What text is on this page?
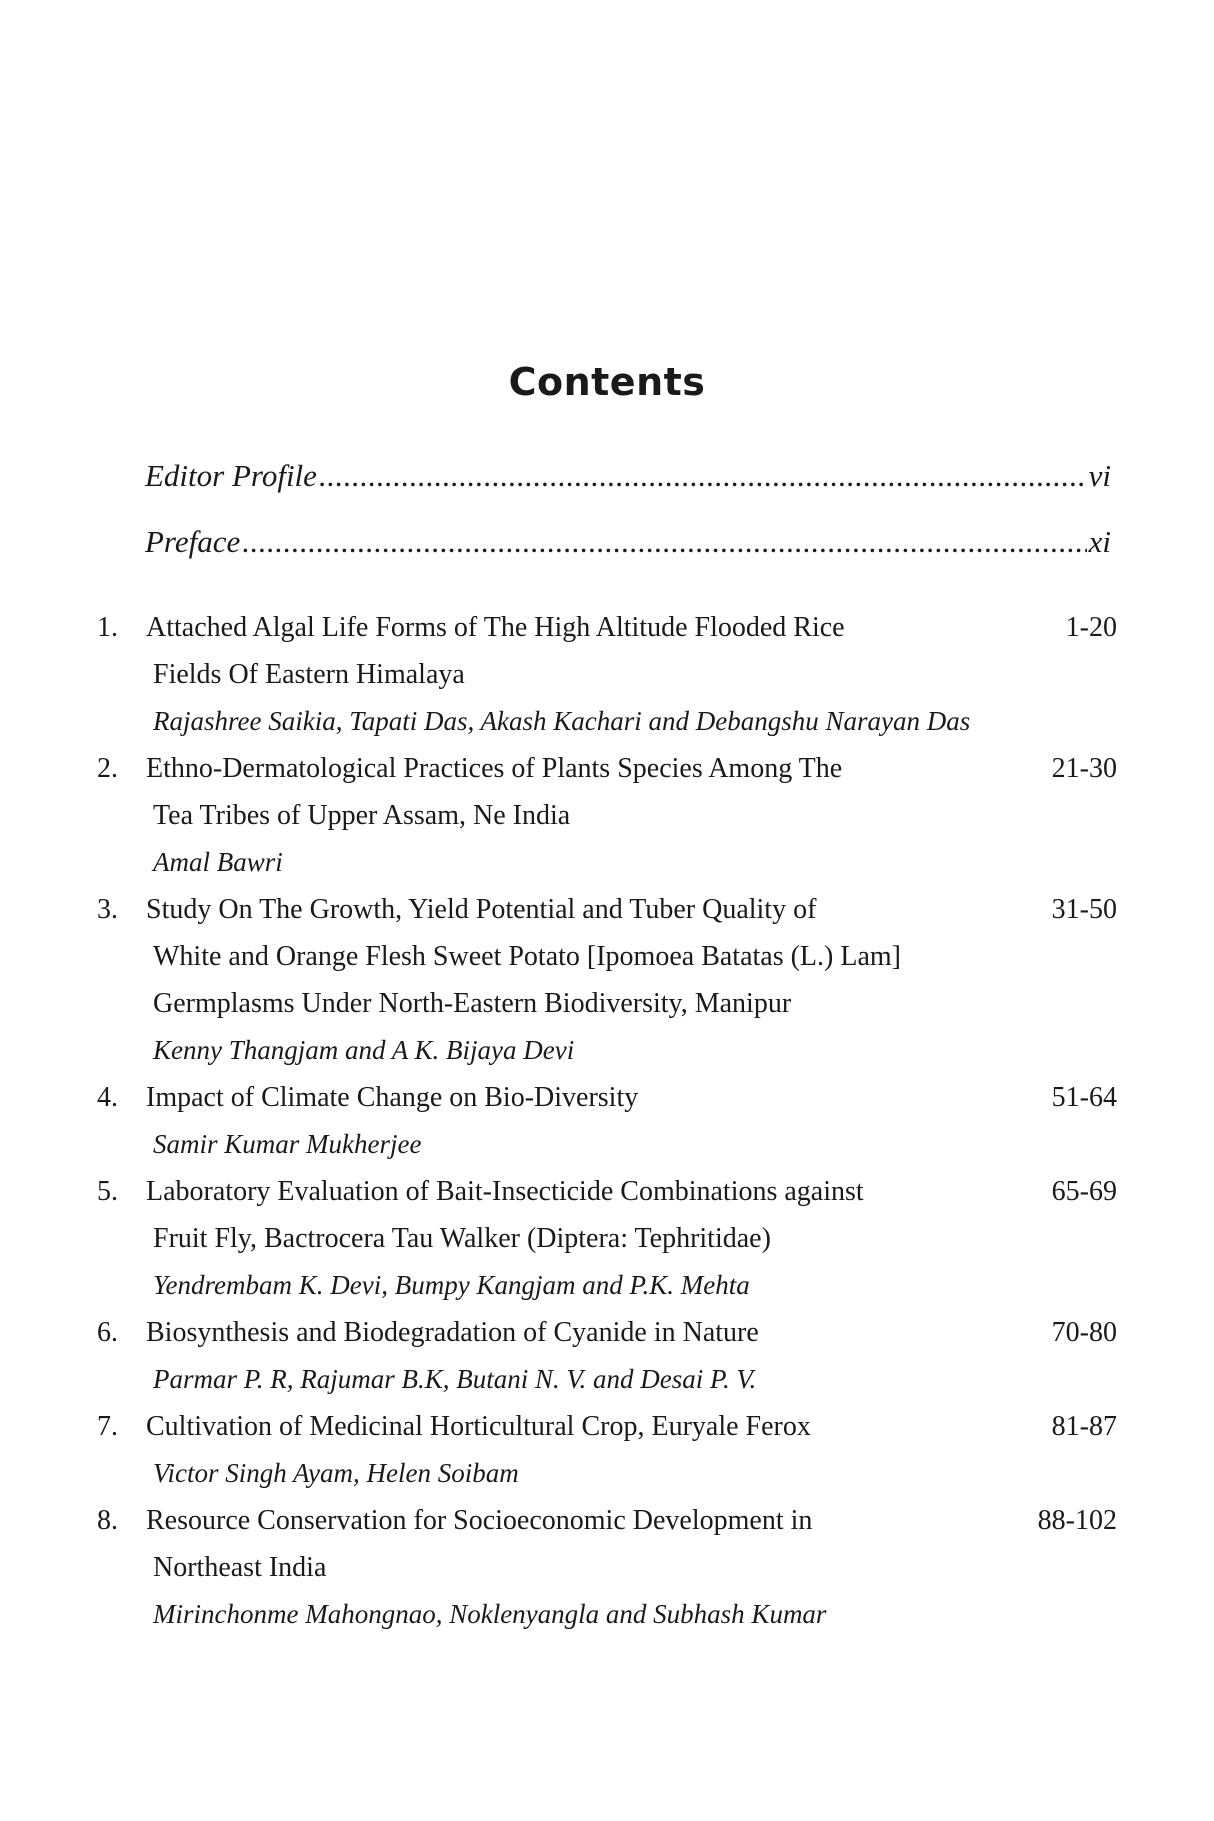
Contents
Editor Profile .....	vi
Preface .....	xi
1. Attached Algal Life Forms of The High Altitude Flooded Rice
Fields Of Eastern Himalaya
Rajashree Saikia, Tapati Das, Akash Kachari and Debangshu Narayan Das
1-20
2. Ethno-Dermatological Practices of Plants Species Among The
Tea Tribes of Upper Assam, Ne India
Amal Bawri
21-30
3. Study On The Growth, Yield Potential and Tuber Quality of
White and Orange Flesh Sweet Potato [Ipomoea Batatas (L.) Lam]
Germplasms Under North-Eastern Biodiversity, Manipur
Kenny Thangjam and A K. Bijaya Devi
31-50
4. Impact of Climate Change on Bio-Diversity
Samir Kumar Mukherjee
51-64
5. Laboratory Evaluation of Bait-Insecticide Combinations against
Fruit Fly, Bactrocera Tau Walker (Diptera: Tephritidae)
Yendrembam K. Devi, Bumpy Kangjam and P.K. Mehta
65-69
6. Biosynthesis and Biodegradation of Cyanide in Nature
Parmar P. R, Rajumar B.K, Butani N. V. and Desai P. V.
70-80
7. Cultivation of Medicinal Horticultural Crop, Euryale Ferox
Victor Singh Ayam, Helen Soibam
81-87
8. Resource Conservation for Socioeconomic Development in
Northeast India
Mirinchonme Mahongnao, Noklenyangla and Subhash Kumar
88-102
